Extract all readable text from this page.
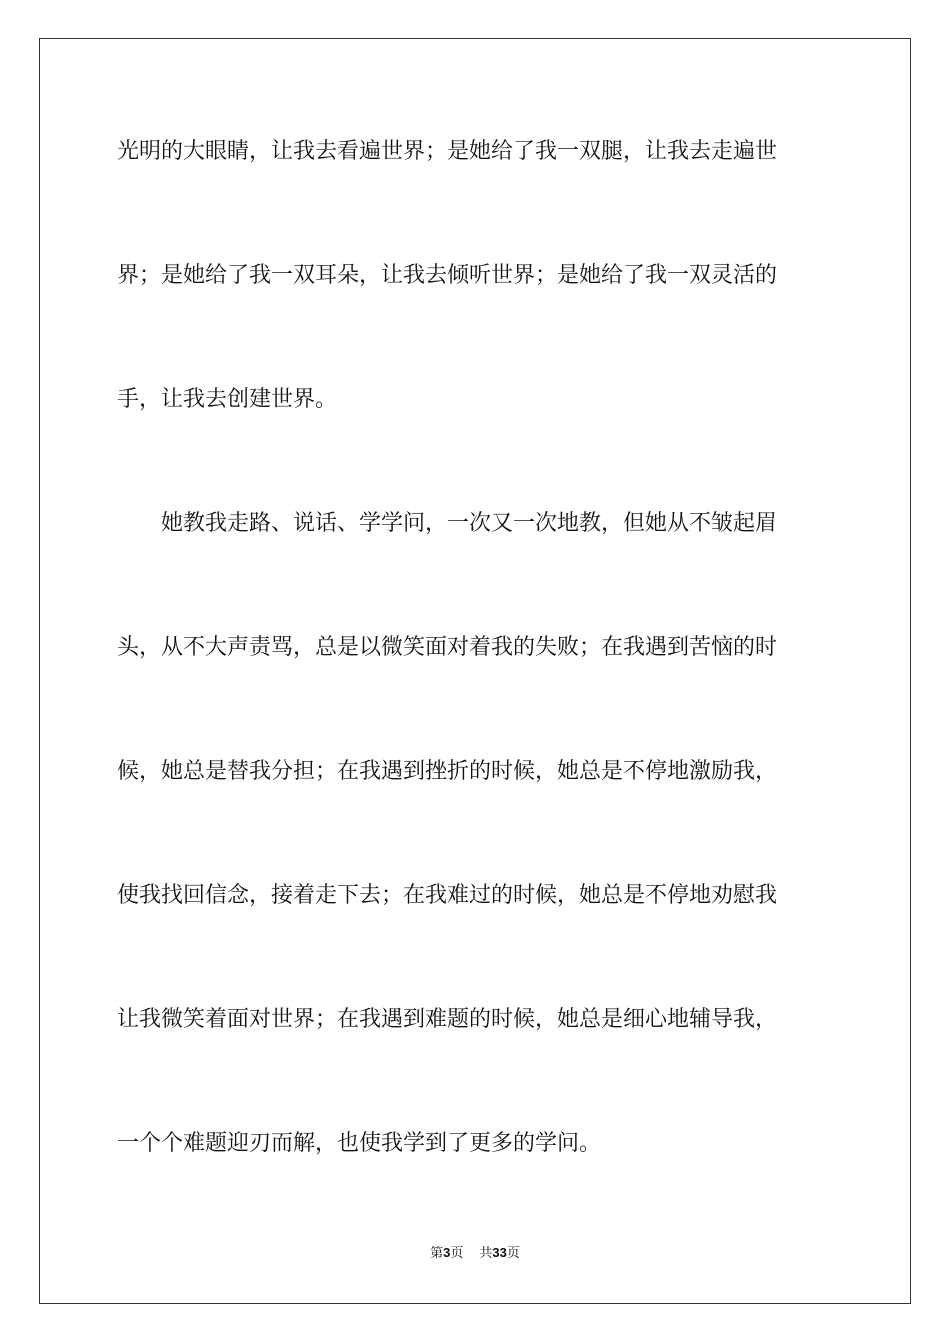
光明的大眼睛，让我去看遍世界；是她给了我一双腿，让我去走遍世
界；是她给了我一双耳朵，让我去倾听世界；是她给了我一双灵活的
手，让我去创建世界。
她教我走路、说话、学学问，一次又一次地教，但她从不皱起眉
头，从不大声责骂，总是以微笑面对着我的失败；在我遇到苦恼的时
候，她总是替我分担；在我遇到挫折的时候，她总是不停地激励我，
使我找回信念，接着走下去；在我难过的时候，她总是不停地劝慰我
让我微笑着面对世界；在我遇到难题的时候，她总是细心地辅导我，
一个个难题迎刃而解，也使我学到了更多的学问。
第3页 共33页
